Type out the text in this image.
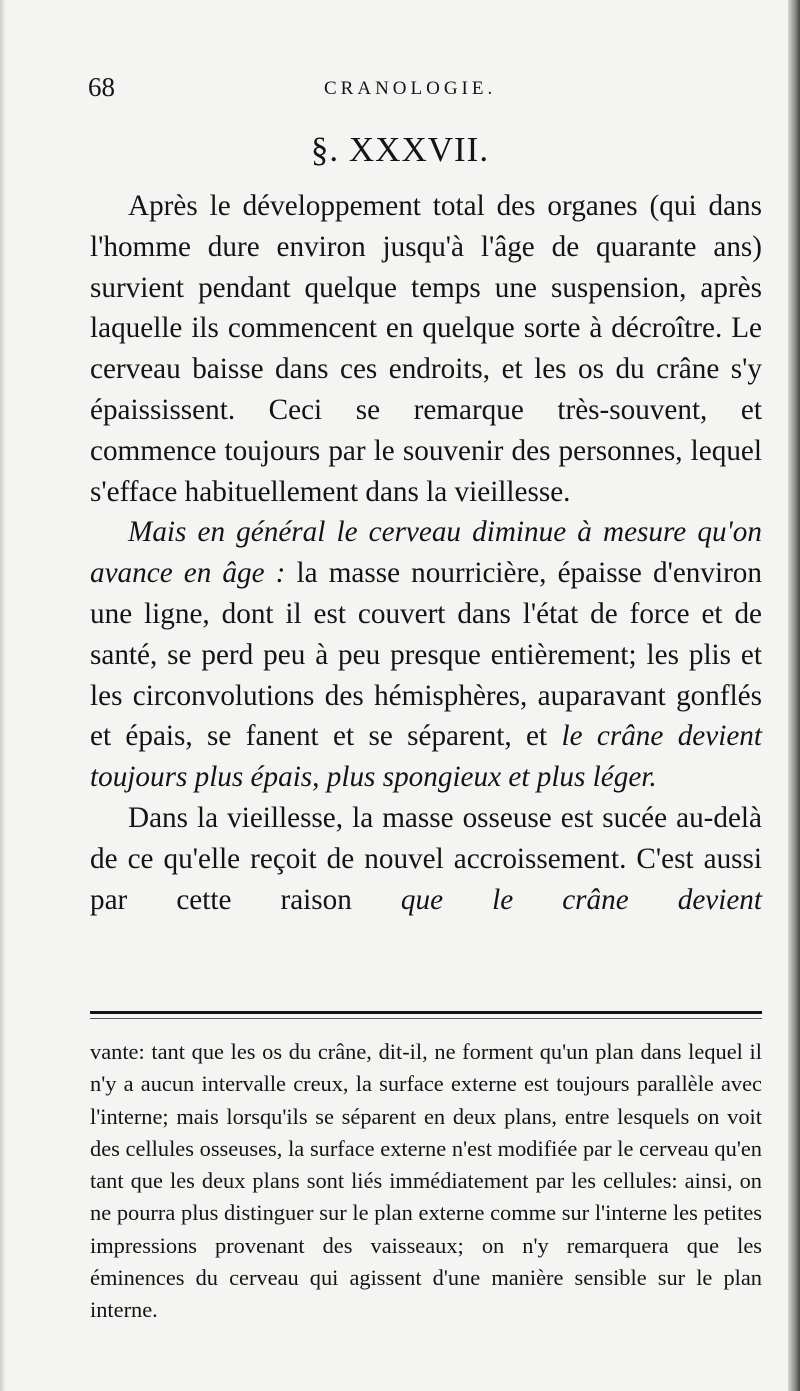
68	CRANOLOGIE.
§. XXXVII.

Après le développement total des organes (qui dans l'homme dure environ jusqu'à l'âge de quarante ans) survient pendant quelque temps une suspension, après laquelle ils commencent en quelque sorte à décroître. Le cerveau baisse dans ces endroits, et les os du crâne s'y épaississent. Ceci se remarque très-souvent, et commence toujours par le souvenir des personnes, lequel s'efface habituellement dans la vieillesse.

Mais en général le cerveau diminue à mesure qu'on avance en âge : la masse nourricière, épaisse d'environ une ligne, dont il est couvert dans l'état de force et de santé, se perd peu à peu presque entièrement; les plis et les circonvolutions des hémisphères, auparavant gonflés et épais, se fanent et se séparent, et le crâne devient toujours plus épais, plus spongieux et plus léger.

Dans la vieillesse, la masse osseuse est sucée au-delà de ce qu'elle reçoit de nouvel accroissement. C'est aussi par cette raison que le crâne devient

vante: tant que les os du crâne, dit-il, ne forment qu'un plan dans lequel il n'y a aucun intervalle creux, la surface externe est toujours parallèle avec l'interne; mais lorsqu'ils se séparent en deux plans, entre lesquels on voit des cellules osseuses, la surface externe n'est modifiée par le cerveau qu'en tant que les deux plans sont liés immédiatement par les cellules: ainsi, on ne pourra plus distinguer sur le plan externe comme sur l'interne les petites impressions provenant des vaisseaux; on n'y remarquera que les éminences du cerveau qui agissent d'une manière sensible sur le plan interne.
